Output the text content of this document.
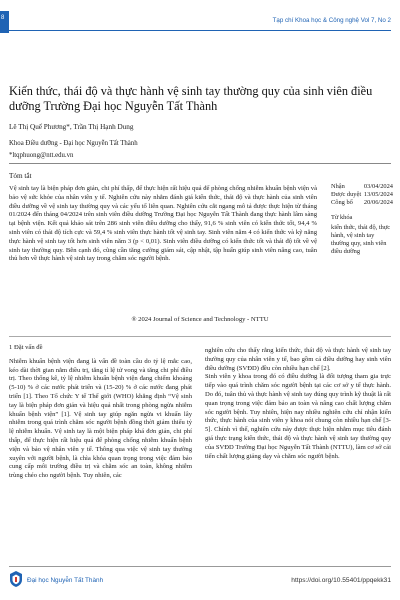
8	Tạp chí Khoa học & Công nghệ Vol 7, No 2
Kiến thức, thái độ và thực hành vệ sinh tay thường quy của sinh viên điều dưỡng Trường Đại học Nguyễn Tất Thành
Lê Thị Quế Phương*, Trần Thị Hạnh Dung
Khoa Điều dưỡng - Đại học Nguyễn Tất Thành
*ltqphuong@ntt.edu.vn
Tóm tắt
Vệ sinh tay là biện pháp đơn giản, chi phí thấp, để thực hiện rất hiệu quả để phòng chống nhiễm khuẩn bệnh viện và bảo vệ sức khỏe của nhân viên y tế. Nghiên cứu này nhằm đánh giá kiến thức, thái độ và thực hành của sinh viên điều dưỡng về vệ sinh tay thường quy và các yếu tố liên quan. Nghiên cứu cắt ngang mô tả được thực hiện từ tháng 01/2024 đến tháng 04/2024 trên sinh viên điều dưỡng Trường Đại học Nguyễn Tất Thành đang thực hành lâm sàng tại bệnh viện. Kết quả khảo sát trên 286 sinh viên điều dưỡng cho thấy, 91,6 % sinh viên có kiến thức tốt, 94,4 % sinh viên có thái độ tích cực và 59,4 % sinh viên thực hành tốt vệ sinh tay. Sinh viên năm 4 có kiến thức và kỹ năng thực hành vệ sinh tay tốt hơn sinh viên năm 3 (p < 0,01). Sinh viên điều dưỡng có kiến thức tốt và thái độ tốt về vệ sinh tay thường quy. Bên cạnh đó, cũng cần tăng cường giám sát, cập nhật, tập huấn giúp sinh viên nâng cao, tuân thủ hơn về thực hành vệ sinh tay trong chăm sóc người bệnh.
Nhận	03/04/2024
Được duyệt 13/05/2024
Công bố 20/06/2024
Từ khóa
kiến thức, thái độ, thực hành, vệ sinh tay thường quy, sinh viên điều dưỡng
® 2024 Journal of Science and Technology - NTTU
1 Đặt vấn đề

Nhiễm khuẩn bệnh viện đang là vấn đề toàn cầu do tỷ lệ mắc cao, kéo dài thời gian nằm điều trị, tăng tỉ lệ tử vong và tăng chi phí điều trị. Theo thống kê, tỷ lệ nhiễm khuẩn bệnh viện đang chiếm khoảng (5-10) % ở các nước phát triển và (15-20) % ở các nước đang phát triển [1]. Theo Tổ chức Y tế Thế giới (WHO) khẳng định “Vệ sinh tay là biện pháp đơn giản và hiệu quả nhất trong phòng ngừa nhiễm khuẩn bệnh viện” [1]. Vệ sinh tay giúp ngăn ngừa vi khuẩn lây nhiễm trong quá trình chăm sóc người bệnh đồng thời giảm thiểu tỷ lệ nhiễm khuẩn. Vệ sinh tay là một biện pháp khá đơn giản, chi phí thấp, để thực hiện rất hiệu quả để phòng chống nhiễm khuẩn bệnh viện và bảo vệ nhân viên y tế. Thông qua việc vệ sinh tay thường xuyên với người bệnh, là chìa khóa quan trọng trong việc đảm bảo cung cấp môi trường điều trị và chăm sóc an toàn, không nhiễm trùng chéo cho người bệnh. Tuy nhiên, các

nghiên cứu cho thấy rằng kiến thức, thái độ và thực hành vệ sinh tay thường quy của nhân viên y tế, bao gồm cả điều dưỡng hay sinh viên điều dưỡng (SVĐD) đều còn nhiều hạn chế [2].

Sinh viên y khoa trong đó có điều dưỡng là đối tượng tham gia trực tiếp vào quá trình chăm sóc người bệnh tại các cơ sở y tế thực hành. Do đó, tuân thủ và thực hành vệ sinh tay đúng quy trình kỹ thuật là rất quan trọng trong việc đảm bảo an toàn và nâng cao chất lượng chăm sóc người bệnh. Tuy nhiên, hiện nay nhiều nghiên cứu chỉ nhận kiến thức, thực hành của sinh viên y khoa nói chung còn nhiều hạn chế [3-5]. Chính vì thế, nghiên cứu này được thực hiện nhằm mục tiêu đánh giá thực trạng kiến thức, thái độ và thực hành vệ sinh tay thường quy của SVĐD Trường Đại học Nguyễn Tất Thành (NTTU), làm cơ sở cải tiến chất lượng giảng dạy và chăm sóc người bệnh.

Đại học Nguyễn Tất Thành	https://doi.org/10.55401/ppqekk31
